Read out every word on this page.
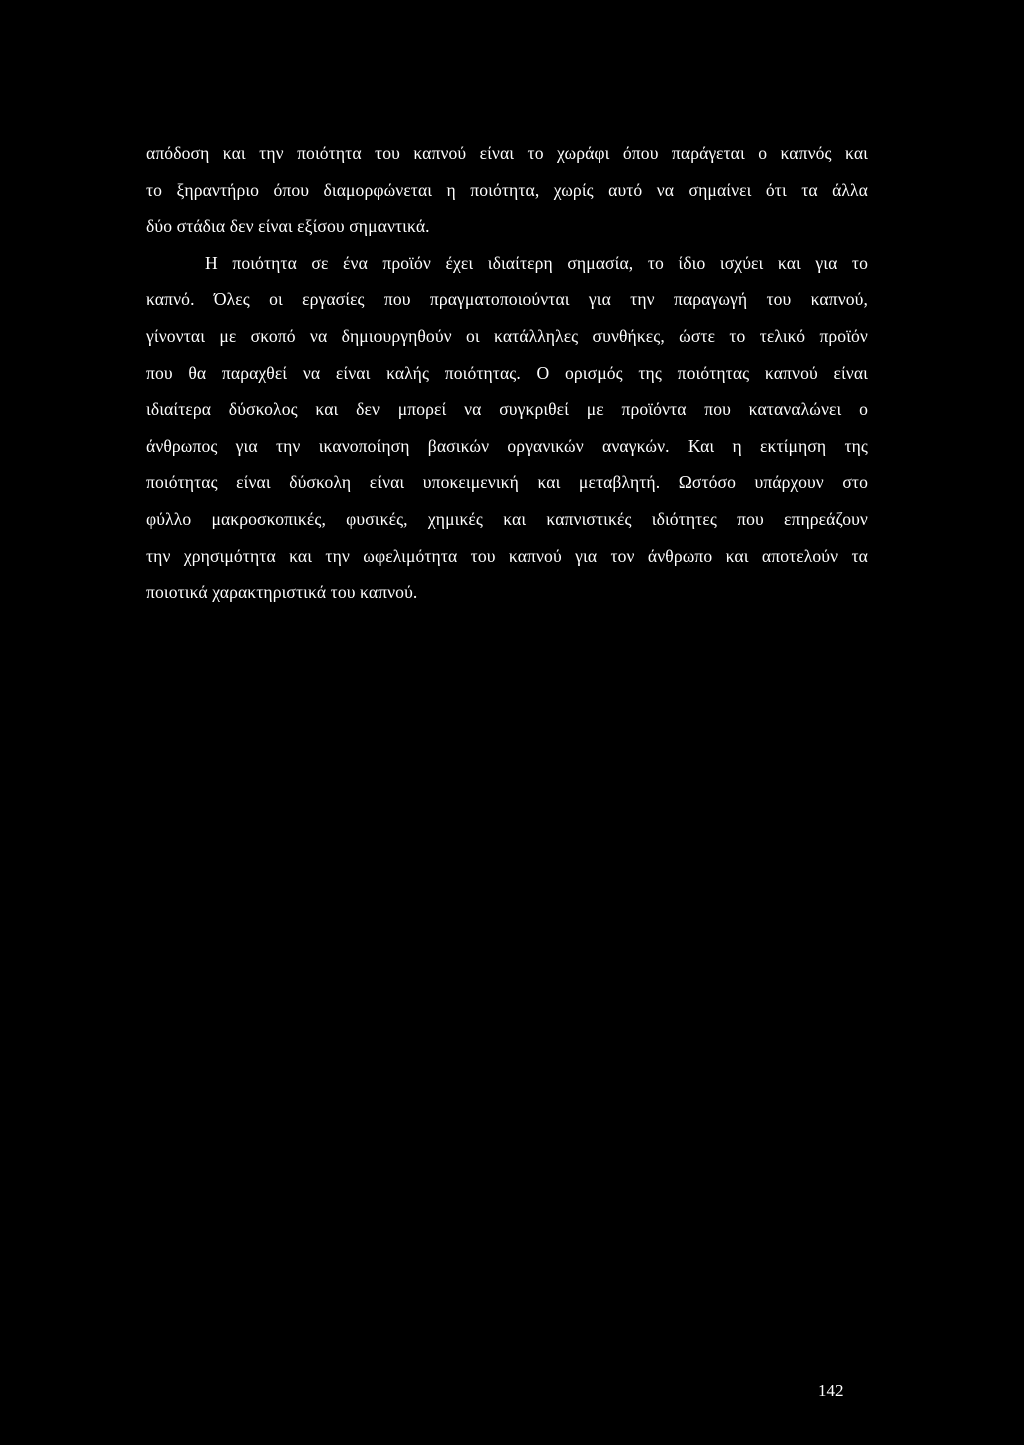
απόδοση και την ποιότητα του καπνού είναι το χωράφι όπου παράγεται ο καπνός και
το ξηραντήριο όπου διαμορφώνεται η ποιότητα, χωρίς αυτό να σημαίνει ότι τα άλλα
δύο στάδια δεν είναι εξίσου σημαντικά.
Η ποιότητα σε ένα προϊόν έχει ιδιαίτερη σημασία, το ίδιο ισχύει και για το
καπνό. Όλες οι εργασίες που πραγματοποιούνται για την παραγωγή του καπνού,
γίνονται με σκοπό να δημιουργηθούν οι κατάλληλες συνθήκες, ώστε το τελικό προϊόν
που θα παραχθεί να είναι καλής ποιότητας. Ο ορισμός της ποιότητας καπνού είναι
ιδιαίτερα δύσκολος και δεν μπορεί να συγκριθεί με προϊόντα που καταναλώνει ο
άνθρωπος για την ικανοποίηση βασικών οργανικών αναγκών. Και η εκτίμηση της
ποιότητας είναι δύσκολη είναι υποκειμενική και μεταβλητή. Ωστόσο υπάρχουν στο
φύλλο μακροσκοπικές, φυσικές, χημικές και καπνιστικές ιδιότητες που επηρεάζουν
την χρησιμότητα και την ωφελιμότητα του καπνού για τον άνθρωπο και αποτελούν τα
ποιοτικά χαρακτηριστικά του καπνού.
142
